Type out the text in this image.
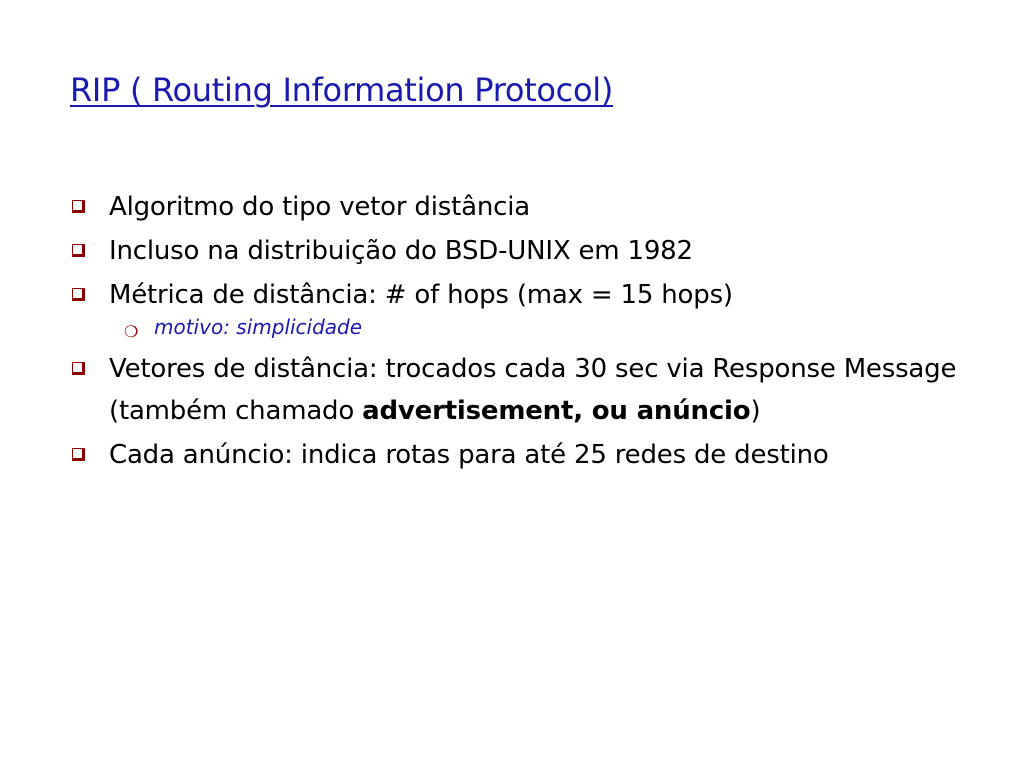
RIP ( Routing Information Protocol)
Algoritmo do tipo vetor distância
Incluso na distribuição do BSD-UNIX em 1982
Métrica de distância: # of hops (max = 15 hops)
❍ motivo: simplicidade
Vetores de distância: trocados cada 30 sec via Response Message (também chamado advertisement, ou anúncio)
Cada anúncio: indica rotas para até 25 redes de destino
